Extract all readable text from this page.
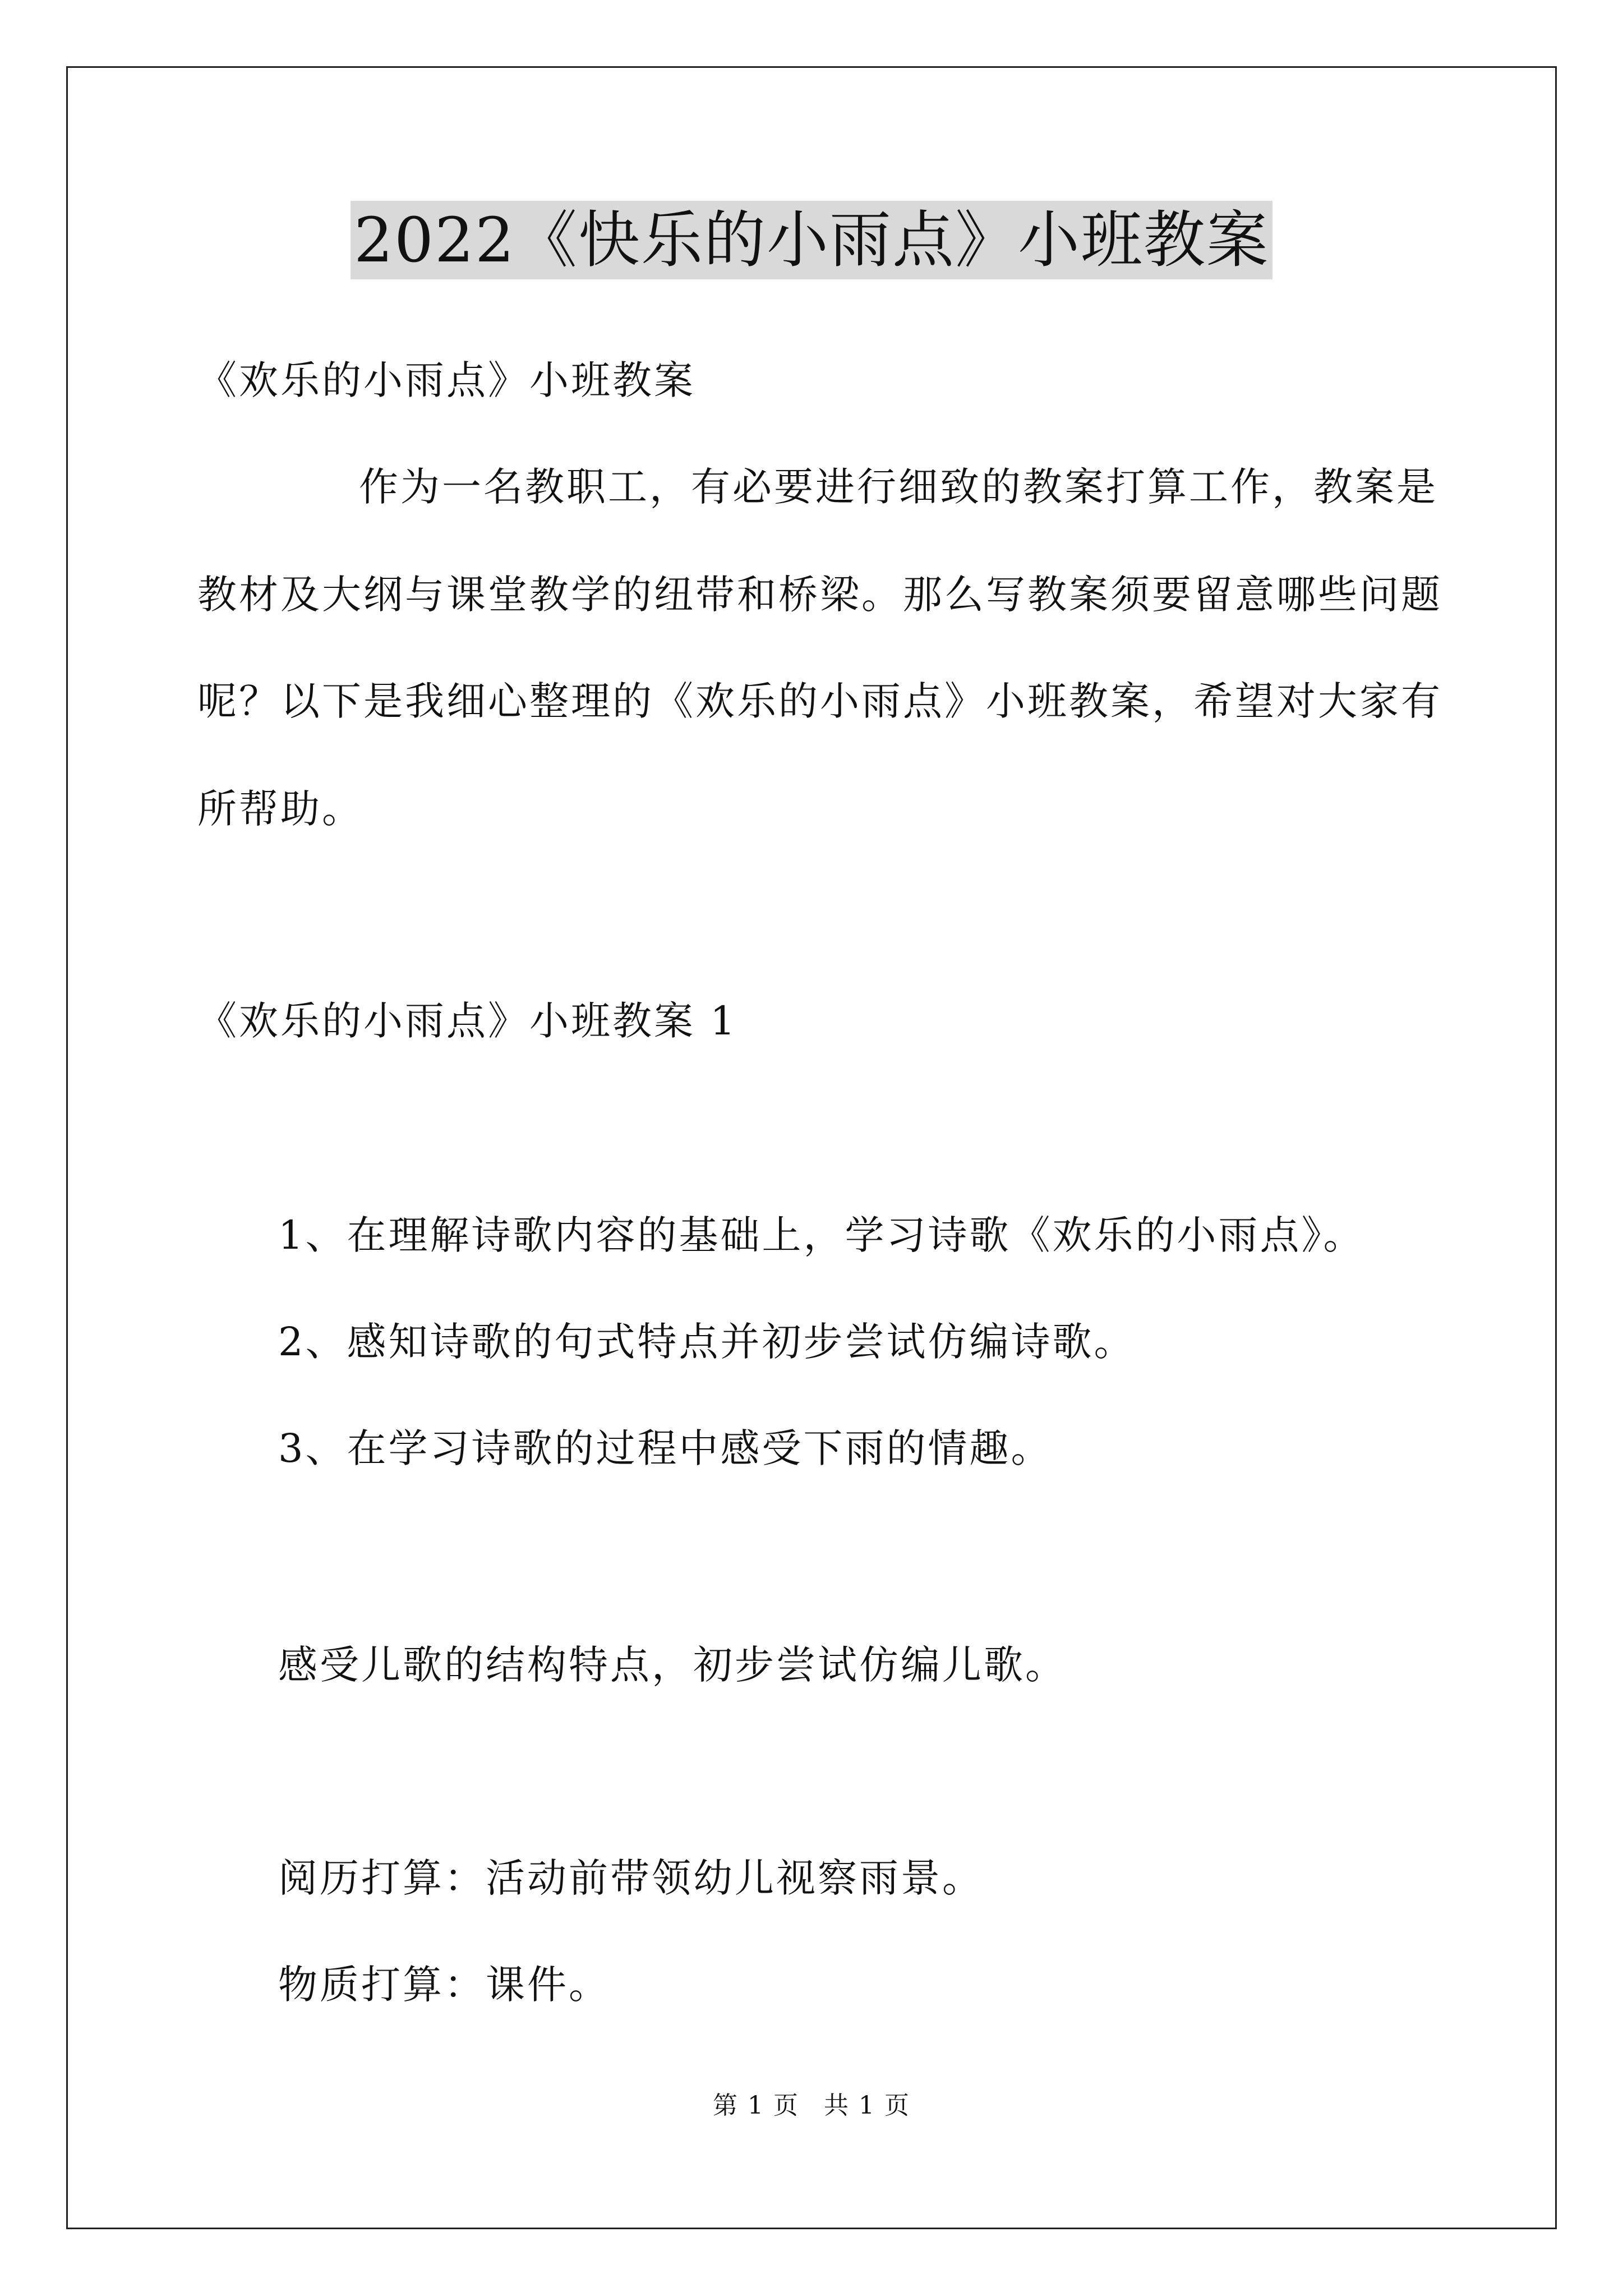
2022《快乐的小雨点》小班教案
《欢乐的小雨点》小班教案
作为一名教职工，有必要进行细致的教案打算工作，教案是
教材及大纲与课堂教学的纽带和桥梁。那么写教案须要留意哪些问题
呢？以下是我细心整理的《欢乐的小雨点》小班教案，希望对大家有
所帮助。
《欢乐的小雨点》小班教案 1
1、在理解诗歌内容的基础上，学习诗歌《欢乐的小雨点》。
2、感知诗歌的句式特点并初步尝试仿编诗歌。
3、在学习诗歌的过程中感受下雨的情趣。
感受儿歌的结构特点，初步尝试仿编儿歌。
阅历打算：活动前带领幼儿视察雨景。
物质打算：课件。
第 1 页 共 1 页
